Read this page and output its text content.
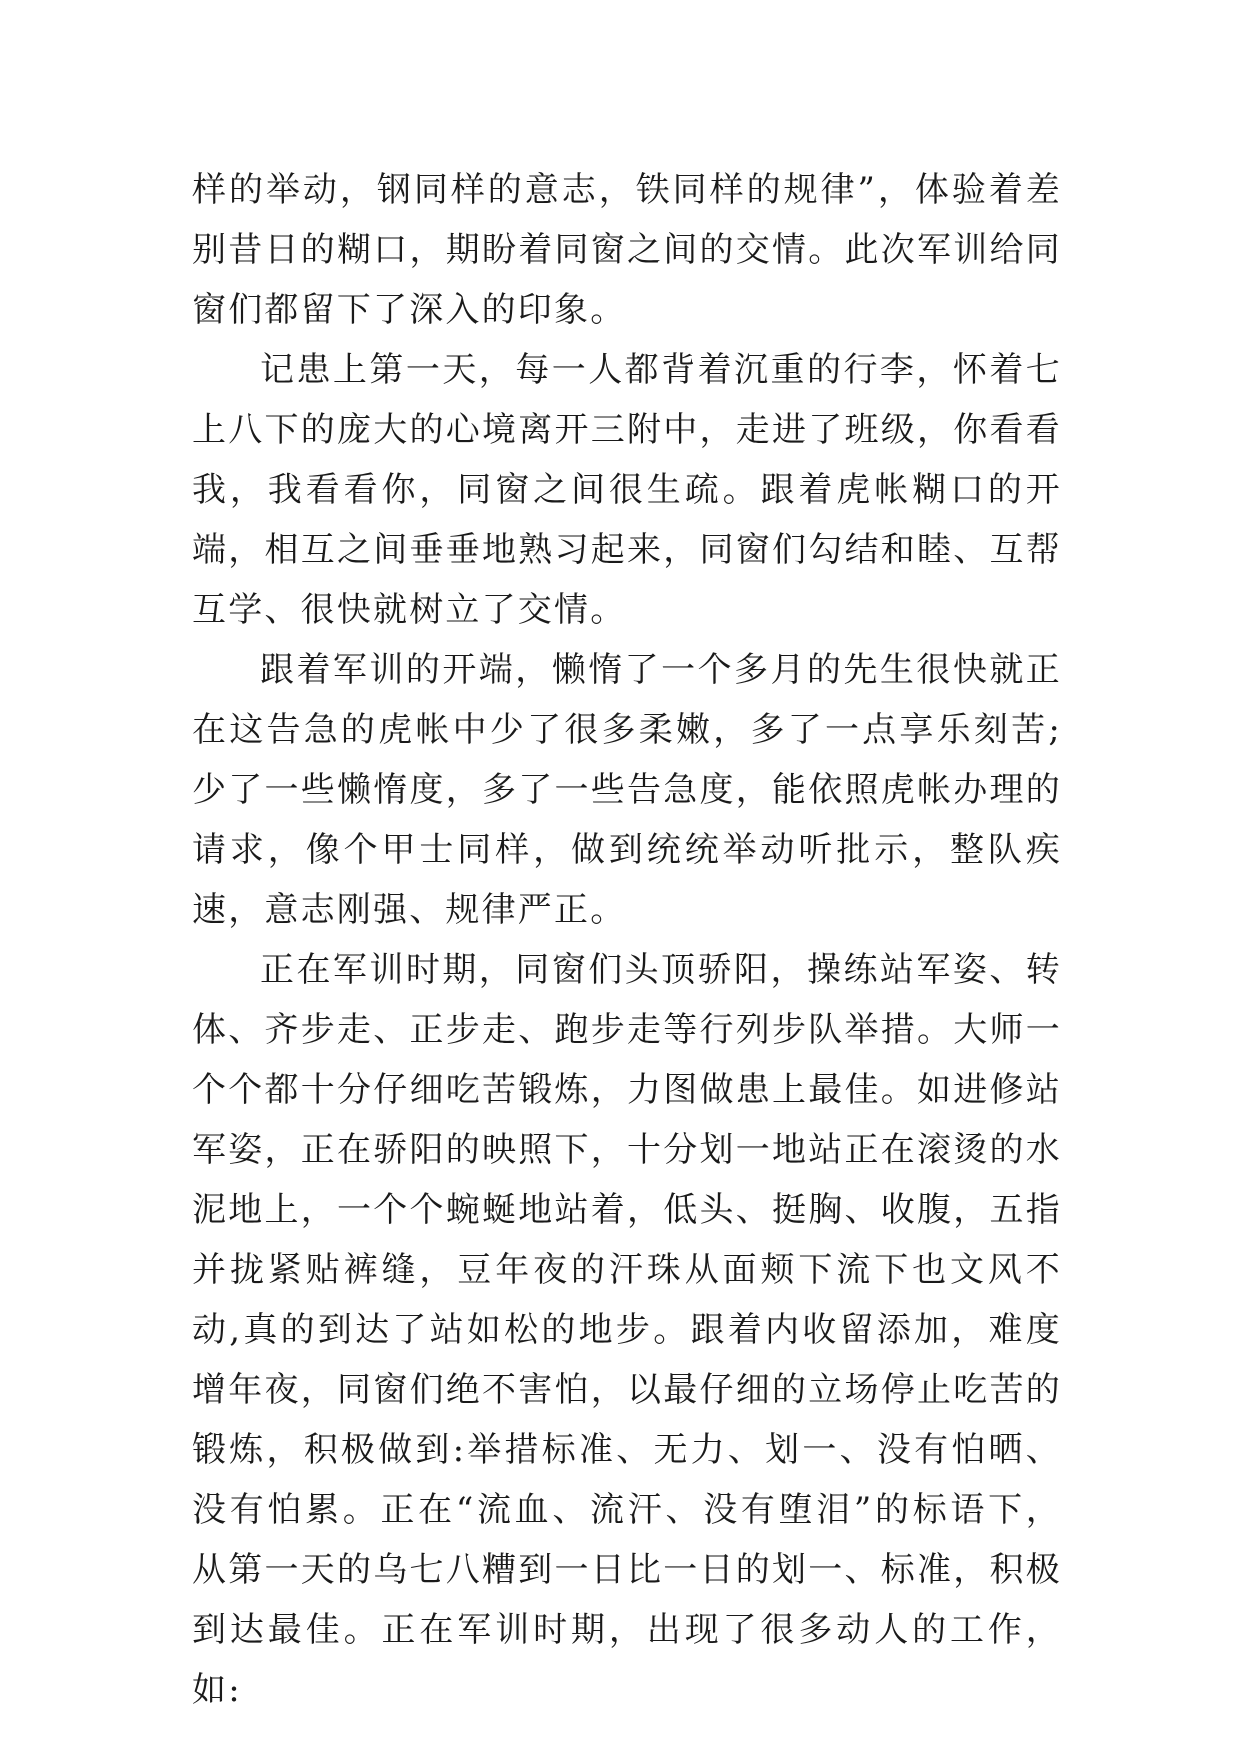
样的举动，钢同样的意志，铁同样的规律”，体验着差别昔日的糊口，期盼着同窗之间的交情。此次军训给同窗们都留下了深入的印象。

记患上第一天，每一人都背着沉重的行李，怀着七上八下的庞大的心境离开三附中，走进了班级，你看看我，我看看你，同窗之间很生疏。跟着虎帐糊口的开端，相互之间垂垂地熟习起来，同窗们勾结和睦、互帮互学、很快就树立了交情。

跟着军训的开端，懒惰了一个多月的先生很快就正在这告急的虎帐中少了很多柔嫩，多了一点享乐刻苦;少了一些懒惰度，多了一些告急度，能依照虎帐办理的请求，像个甲士同样，做到统统举动听批示，整队疾速，意志刚强、规律严正。

正在军训时期，同窗们头顶骄阳，操练站军姿、转体、齐步走、正步走、跑步走等行列步队举措。大师一个个都十分仔细吃苦锻炼，力图做患上最佳。如进修站军姿，正在骄阳的映照下，十分划一地站正在滚烫的水泥地上，一个个蜿蜒地站着，低头、挺胸、收腹，五指并拢紧贴裤缝，豆年夜的汗珠从面颊下流下也文风不动,真的到达了站如松的地步。跟着内收留添加，难度增年夜，同窗们绝不害怕，以最仔细的立场停止吃苦的锻炼，积极做到:举措标准、无力、划一、没有怕晒、没有怕累。正在“流血、流汗、没有堕泪”的标语下，从第一天的乌七八糟到一日比一日的划一、标准，积极到达最佳。正在军训时期，出现了很多动人的工作，如:
